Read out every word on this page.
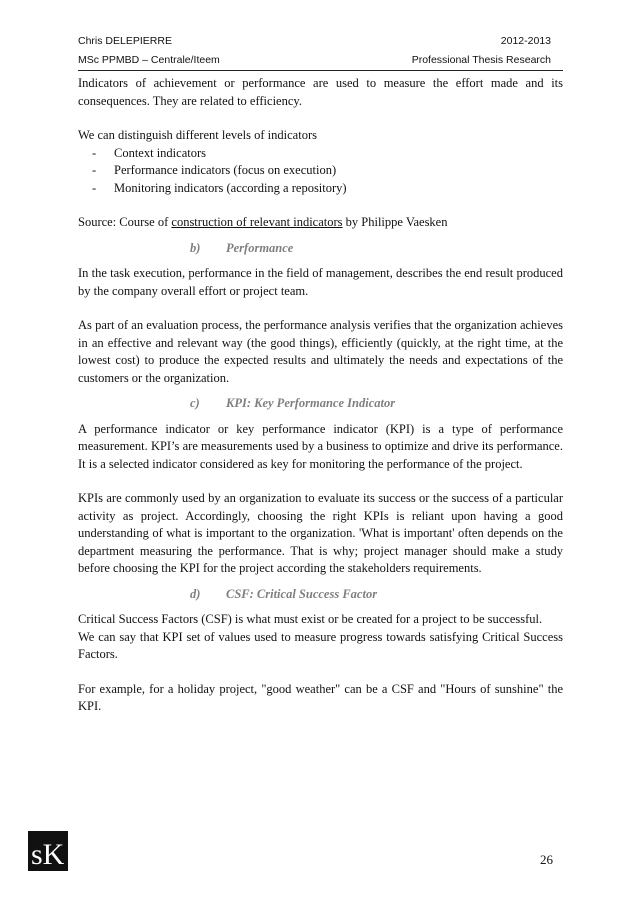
Chris DELEPIERRE	2012-2013
MSc PPMBD – Centrale/Iteem	Professional Thesis Research

Indicators of achievement or performance are used to measure the effort made and its consequences. They are related to efficiency.

We can distinguish different levels of indicators

- Context indicators
- Performance indicators (focus on execution)
- Monitoring indicators (according a repository)

Source: Course of construction of relevant indicators by Philippe Vaesken

b) Performance

In the task execution, performance in the field of management, describes the end result produced by the company overall effort or project team.

As part of an evaluation process, the performance analysis verifies that the organization achieves in an effective and relevant way (the good things), efficiently (quickly, at the right time, at the lowest cost) to produce the expected results and ultimately the needs and expectations of the customers or the organization.

c) KPI: Key Performance Indicator

A performance indicator or key performance indicator (KPI) is a type of performance measurement. KPI’s are measurements used by a business to optimize and drive its performance. It is a selected indicator considered as key for monitoring the performance of the project.

KPIs are commonly used by an organization to evaluate its success or the success of a particular activity as project. Accordingly, choosing the right KPIs is reliant upon having a good understanding of what is important to the organization. 'What is important' often depends on the department measuring the performance. That is why; project manager should make a study before choosing the KPI for the project according the stakeholders requirements.

d) CSF: Critical Success Factor

Critical Success Factors (CSF) is what must exist or be created for a project to be successful.

We can say that KPI set of values used to measure progress towards satisfying Critical Success Factors.

For example, for a holiday project, "good weather" can be a CSF and "Hours of sunshine" the KPI.

sK	26
